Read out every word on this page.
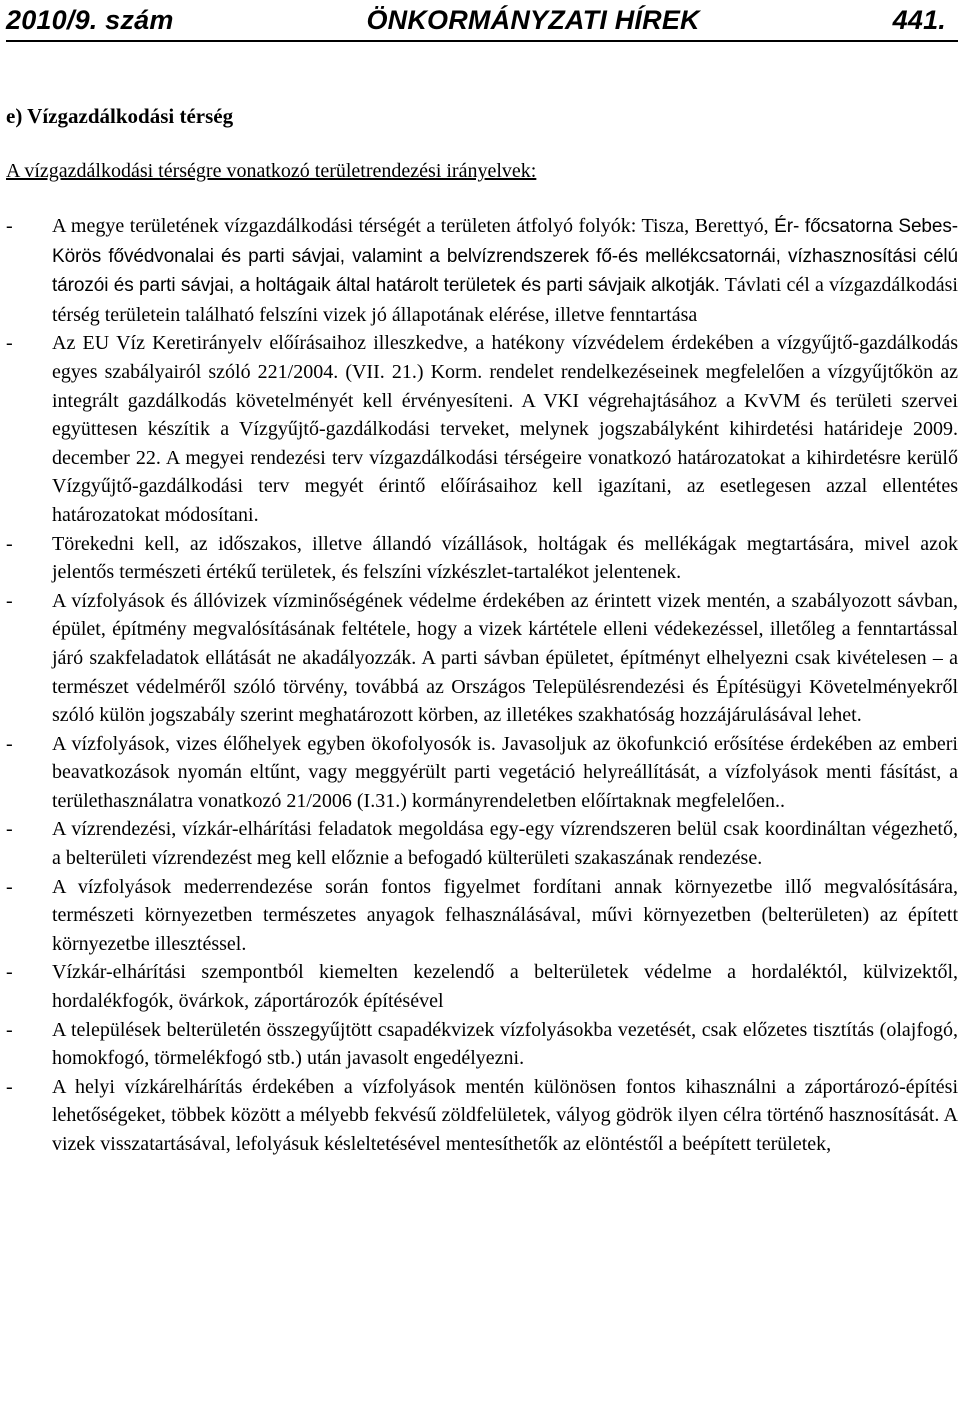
2010/9. szám	ÖNKORMÁNYZATI HÍREK	441.
e) Vízgazdálkodási térség
A vízgazdálkodási térségre vonatkozó területrendezési irányelvek:
- A megye területének vízgazdálkodási térségét a területen átfolyó folyók: Tisza, Berettyó, Ér- főcsatorna Sebes-Körös fővédvonalai és parti sávjai, valamint a belvízrendszerek fő-és mellékcsatornái, vízhasznosítási célú tározói és parti sávjai, a holtágaik által határolt területek és parti sávjaik alkotják. Távlati cél a vízgazdálkodási térség területein található felszíni vizek jó állapotának elérése, illetve fenntartása
- Az EU Víz Keretirányelv előírásaihoz illeszkedve, a hatékony vízvédelem érdekében a vízgyűjtő-gazdálkodás egyes szabályairól szóló 221/2004. (VII. 21.) Korm. rendelet rendelkezéseinek megfelelően a vízgyűjtőkön az integrált gazdálkodás követelményét kell érvényesíteni. A VKI végrehajtásához a KvVM és területi szervei együttesen készítik a Vízgyűjtő-gazdálkodási terveket, melynek jogszabályként kihirdetési határideje 2009. december 22. A megyei rendezési terv vízgazdálkodási térségeire vonatkozó határozatokat a kihirdetésre kerülő Vízgyűjtő-gazdálkodási terv megyét érintő előírásaihoz kell igazítani, az esetlegesen azzal ellentétes határozatokat módosítani.
- Törekedni kell, az időszakos, illetve állandó vízállások, holtágak és mellékágak megtartására, mivel azok jelentős természeti értékű területek, és felszíni vízkészlet-tartalékot jelentenek.
- A vízfolyások és állóvizek vízminőségének védelme érdekében az érintett vizek mentén, a szabályozott sávban, épület, építmény megvalósításának feltétele, hogy a vizek kártétele elleni védekezéssel, illetőleg a fenntartással járó szakfeladatok ellátását ne akadályozzák. A parti sávban épületet, építményt elhelyezni csak kivételesen – a természet védelméről szóló törvény, továbbá az Országos Településrendezési és Építésügyi Követelményekről szóló külön jogszabály szerint meghatározott körben, az illetékes szakhatóság hozzájárulásával lehet.
- A vízfolyások, vizes élőhelyek egyben ökofolyosók is. Javasoljuk az ökofunkció erősítése érdekében az emberi beavatkozások nyomán eltűnt, vagy meggyérült parti vegetáció helyreállítását, a vízfolyások menti fásítást, a területhasználatra vonatkozó 21/2006 (I.31.) kormányrendeletben előírtaknak megfelelően..
- A vízrendezési, vízkár-elhárítási feladatok megoldása egy-egy vízrendszeren belül csak koordináltan végezhető, a belterületi vízrendezést meg kell előznie a befogadó külterületi szakaszának rendezése.
- A vízfolyások mederrendezése során fontos figyelmet fordítani annak környezetbe illő megvalósítására, természeti környezetben természetes anyagok felhasználásával, művi környezetben (belterületen) az épített környezetbe illesztéssel.
- Vízkár-elhárítási szempontból kiemelten kezelendő a belterületek védelme a hordaléktól, külvizektől, hordalékfogók, övárkok, záportározók építésével
- A települések belterületén összegyűjtött csapadékvizek vízfolyásokba vezetését, csak előzetes tisztítás (olajfogó, homokfogó, törmelékfogó stb.) után javasolt engedélyezni.
- A helyi vízkárelhárítás érdekében a vízfolyások mentén különösen fontos kihasználni a záportározó-építési lehetőségeket, többek között a mélyebb fekvésű zöldfelületek, vályog gödrök ilyen célra történő hasznosítását. A vizek visszatartásával, lefolyásuk késleltetésével mentesíthetők az elöntéstől a beépített területek,
